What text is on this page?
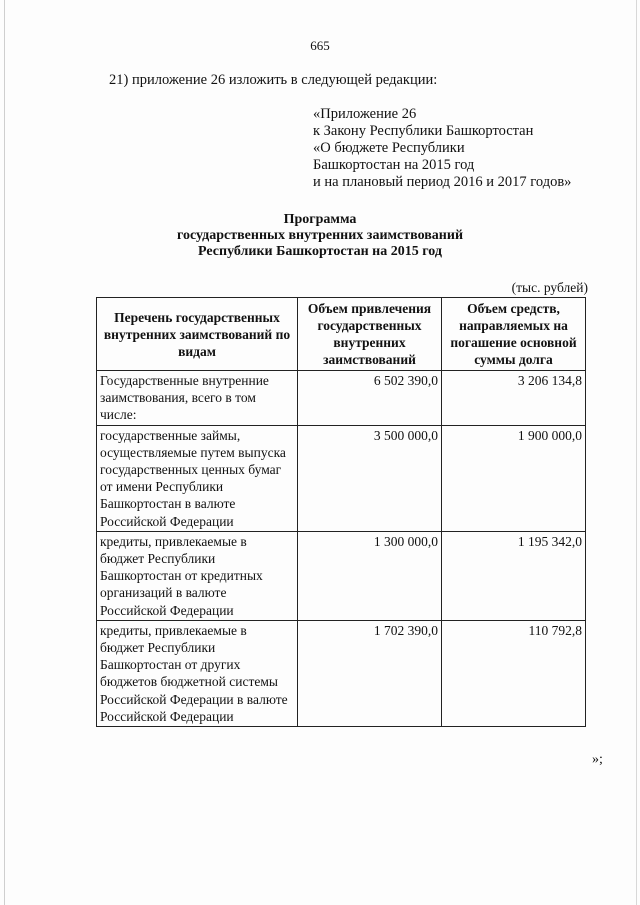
665
21) приложение 26 изложить в следующей редакции:
«Приложение 26
к Закону Республики Башкортостан
«О бюджете Республики
Башкортостан на 2015 год
и на плановый период 2016 и 2017 годов»
Программа
государственных внутренних заимствований
Республики Башкортостан на 2015 год
(тыс. рублей)
Перечень государственных внутренних заимствований по видам	Объем привлечения государственных внутренних заимствований	Объем средств, направляемых на погашение основной суммы долга
Государственные внутренние заимствования, всего в том числе:	6 502 390,0	3 206 134,8
государственные займы, осуществляемые путем выпуска государственных ценных бумаг от имени Республики Башкортостан в валюте Российской Федерации	3 500 000,0	1 900 000,0
кредиты, привлекаемые в бюджет Республики Башкортостан от кредитных организаций в валюте Российской Федерации	1 300 000,0	1 195 342,0
кредиты, привлекаемые в бюджет Республики Башкортостан от других бюджетов бюджетной системы Российской Федерации в валюте Российской Федерации	1 702 390,0	110 792,8
»;
